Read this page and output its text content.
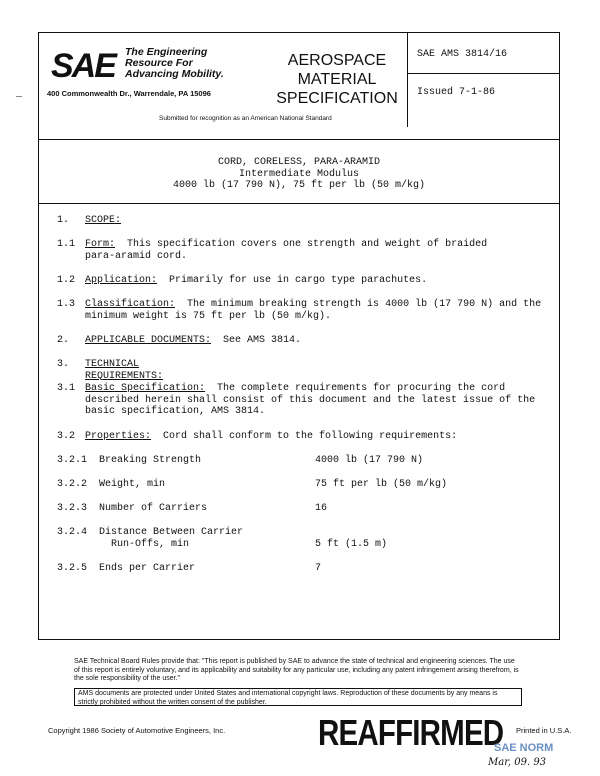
SAE The Engineering
Resource For
Advancing Mobility.
400 Commonwealth Dr., Warrendale, PA 15096
AEROSPACE
MATERIAL
SPECIFICATION
Submitted for recognition as an American National Standard
SAE AMS 3814/16
Issued 7-1-86
CORD, CORELESS, PARA-ARAMID
Intermediate Modulus
4000 lb (17 790 N), 75 ft per lb (50 m/kg)
1. SCOPE:
1.1 Form: This specification covers one strength and weight of braided
para-aramid cord.
1.2 Application: Primarily for use in cargo type parachutes.
1.3 Classification: The minimum breaking strength is 4000 lb (17 790 N) and the
minimum weight is 75 ft per lb (50 m/kg).
2. APPLICABLE DOCUMENTS: See AMS 3814.
3. TECHNICAL REQUIREMENTS:
3.1 Basic Specification: The complete requirements for procuring the cord
described herein shall consist of this document and the latest issue of the
basic specification, AMS 3814.
3.2 Properties: Cord shall conform to the following requirements:
3.2.1 Breaking Strength	4000 lb (17 790 N)
3.2.2 Weight, min	75 ft per lb (50 m/kg)
3.2.3 Number of Carriers	16
3.2.4 Distance Between Carrier
Run-Offs, min	5 ft (1.5 m)
3.2.5 Ends per Carrier	7
SAE Technical Board Rules provide that: "This report is published by SAE to advance the state of technical and engineering sciences. The use of this report is entirely voluntary, and its applicability and suitability for any particular use, including any patent infringement arising therefrom, is the sole responsibility of the user."
AMS documents are protected under United States and international copyright laws. Reproduction of these documents by any means is strictly prohibited without the written consent of the publisher.
Copyright 1986 Society of Automotive Engineers, Inc.	REAFFIRMED Printed in U.S.A.
SAE NORM
Mar, 09. 93
